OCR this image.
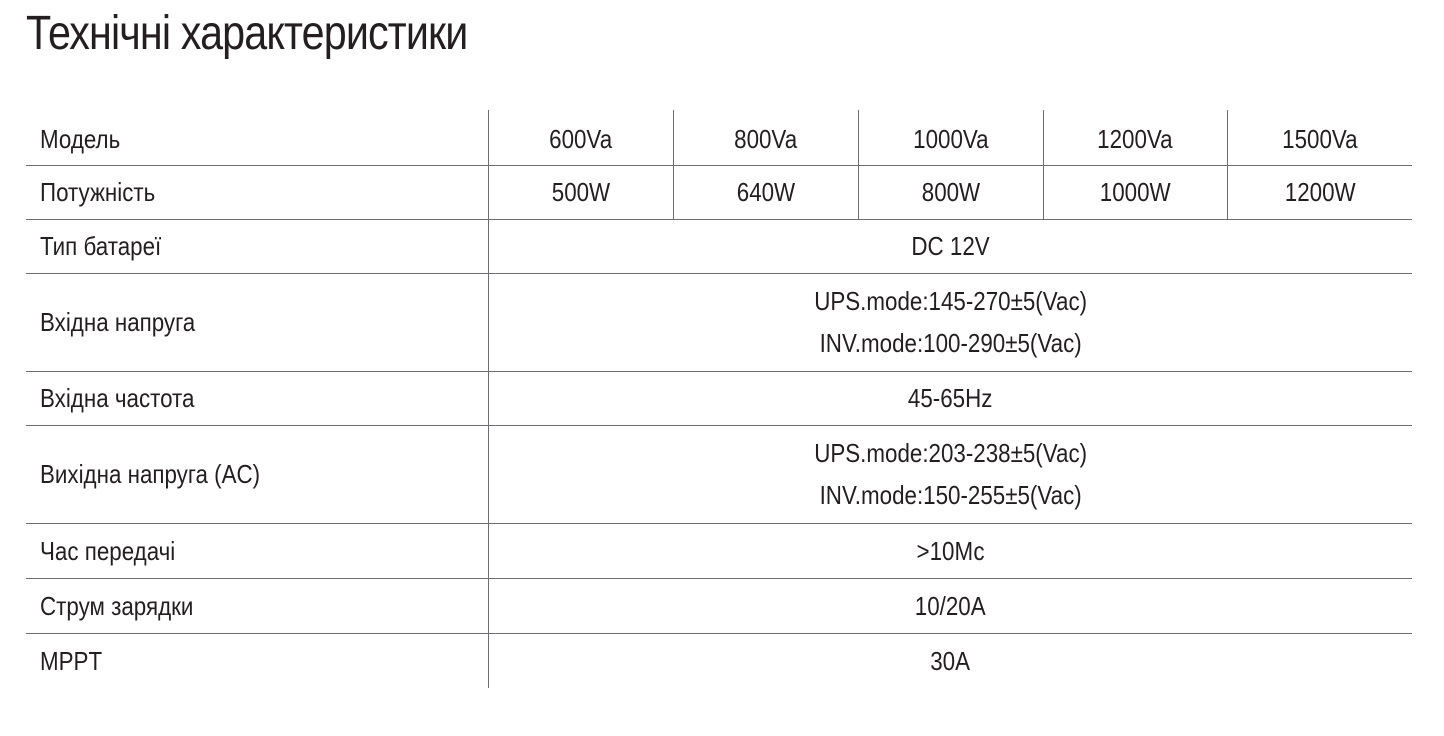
Технічні характеристики
Модель	600Va	800Va	1000Va	1200Va	1500Va
Потужність	500W	640W	800W	1000W	1200W
Тип батареї	DC 12V				
Вхідна напруга	UPS.mode:145-270±5(Vac)
INV.mode:100-290±5(Vac)				

Вхідна частота	45-65Hz				
Вихідна напруга (AC)	UPS.mode:203-238±5(Vac)
INV.mode:150-255±5(Vac)				

Час передачі	>10Мс				
Струм зарядки	10/20A				
MPPT	30A				
